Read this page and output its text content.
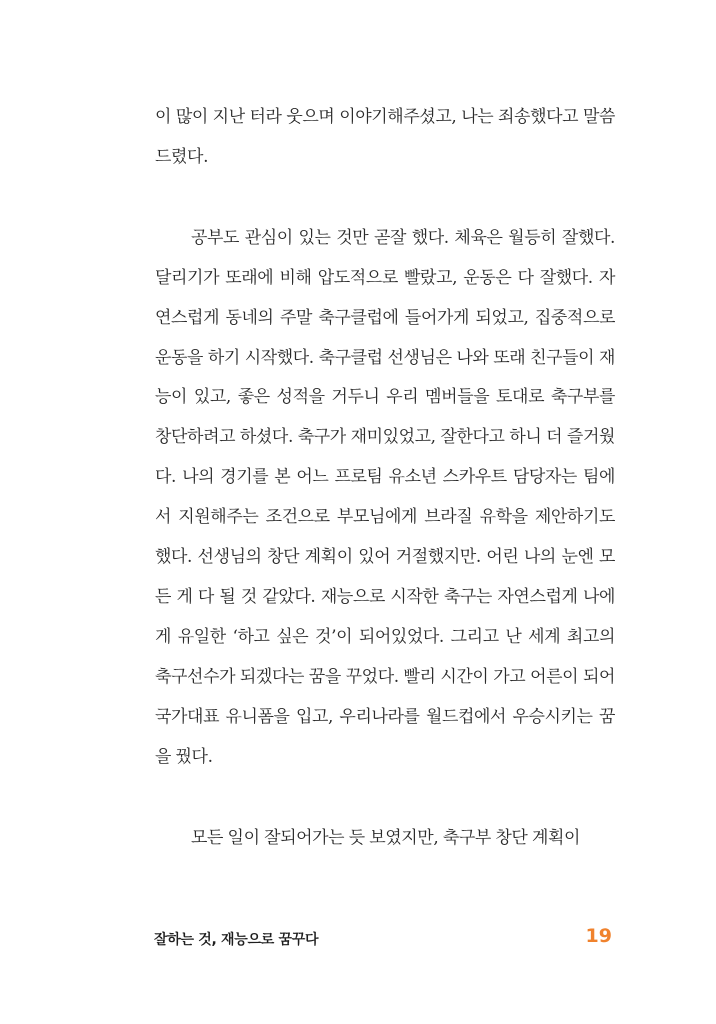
이 많이 지난 터라 웃으며 이야기해주셨고, 나는 죄송했다고 말씀드렸다.

공부도 관심이 있는 것만 곧잘 했다. 체육은 월등히 잘했다. 달리기가 또래에 비해 압도적으로 빨랐고, 운동은 다 잘했다. 자연스럽게 동네의 주말 축구클럽에 들어가게 되었고, 집중적으로 운동을 하기 시작했다. 축구클럽 선생님은 나와 또래 친구들이 재능이 있고, 좋은 성적을 거두니 우리 멤버들을 토대로 축구부를 창단하려고 하셨다. 축구가 재미있었고, 잘한다고 하니 더 즐거웠다. 나의 경기를 본 어느 프로팀 유소년 스카우트 담당자는 팀에서 지원해주는 조건으로 부모님에게 브라질 유학을 제안하기도 했다. 선생님의 창단 계획이 있어 거절했지만. 어린 나의 눈엔 모든 게 다 될 것 같았다. 재능으로 시작한 축구는 자연스럽게 나에게 유일한 ‘하고 싶은 것’이 되어있었다. 그리고 난 세계 최고의 축구선수가 되겠다는 꿈을 꾸었다. 빨리 시간이 가고 어른이 되어 국가대표 유니폼을 입고, 우리나라를 월드컵에서 우승시키는 꿈을 꿨다.

모든 일이 잘되어가는 듯 보였지만, 축구부 창단 계획이

잘하는 것, 재능으로 꿈꾸다	19
